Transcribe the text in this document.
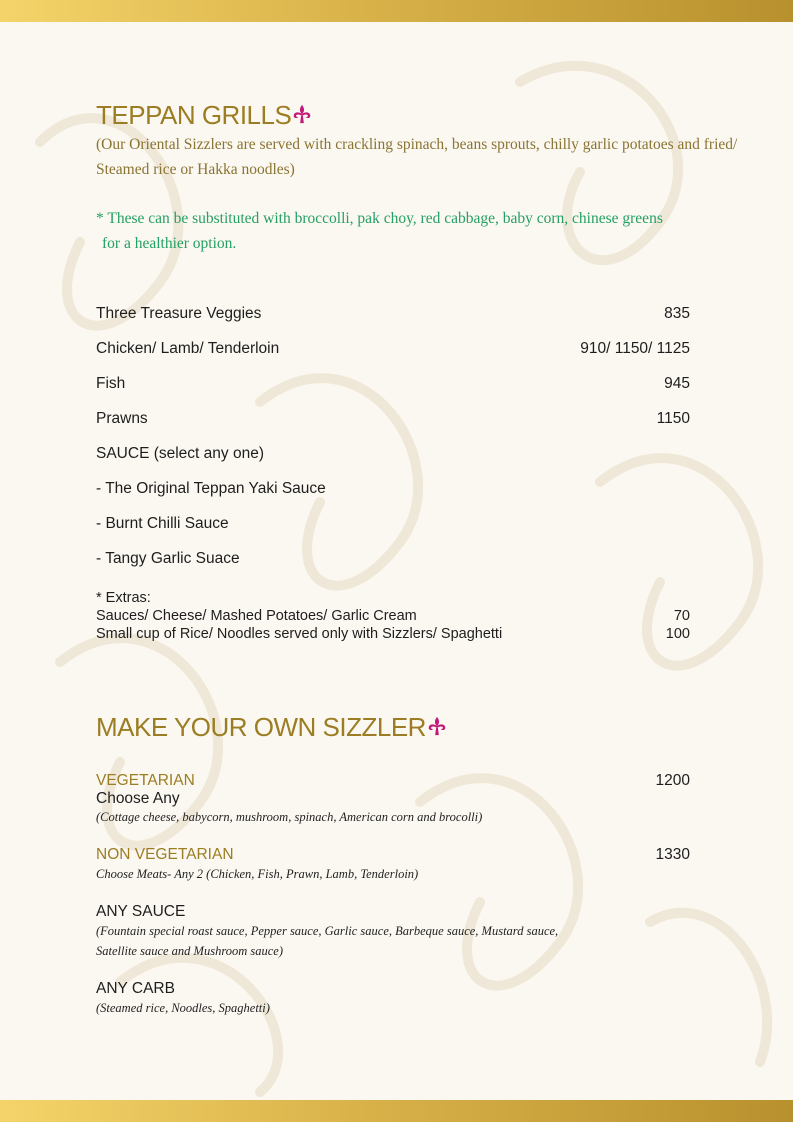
TEPPAN GRILLS
(Our Oriental Sizzlers are served with crackling spinach, beans sprouts, chilly garlic potatoes and fried/ Steamed rice or Hakka noodles)
* These can be substituted with broccolli, pak choy, red cabbage, baby corn, chinese greens
for a healthier option.
Three Treasure Veggies	835
Chicken/ Lamb/ Tenderloin	910/ 1150/ 1125
Fish	945
Prawns	1150
SAUCE (select any one)
- The Original Teppan Yaki Sauce
- Burnt Chilli Sauce
- Tangy Garlic Suace
* Extras:
Sauces/ Cheese/ Mashed Potatoes/ Garlic Cream	70
Small cup of Rice/ Noodles served only with Sizzlers/ Spaghetti	100
MAKE YOUR OWN SIZZLER
VEGETARIAN	1200
Choose Any
(Cottage cheese, babycorn, mushroom, spinach, American corn and brocolli)
NON VEGETARIAN	1330
Choose Meats- Any 2 (Chicken, Fish, Prawn, Lamb, Tenderloin)
ANY SAUCE
(Fountain special roast sauce, Pepper sauce, Garlic sauce, Barbeque sauce, Mustard sauce,
Satellite sauce and Mushroom sauce)
ANY CARB
(Steamed rice, Noodles, Spaghetti)
